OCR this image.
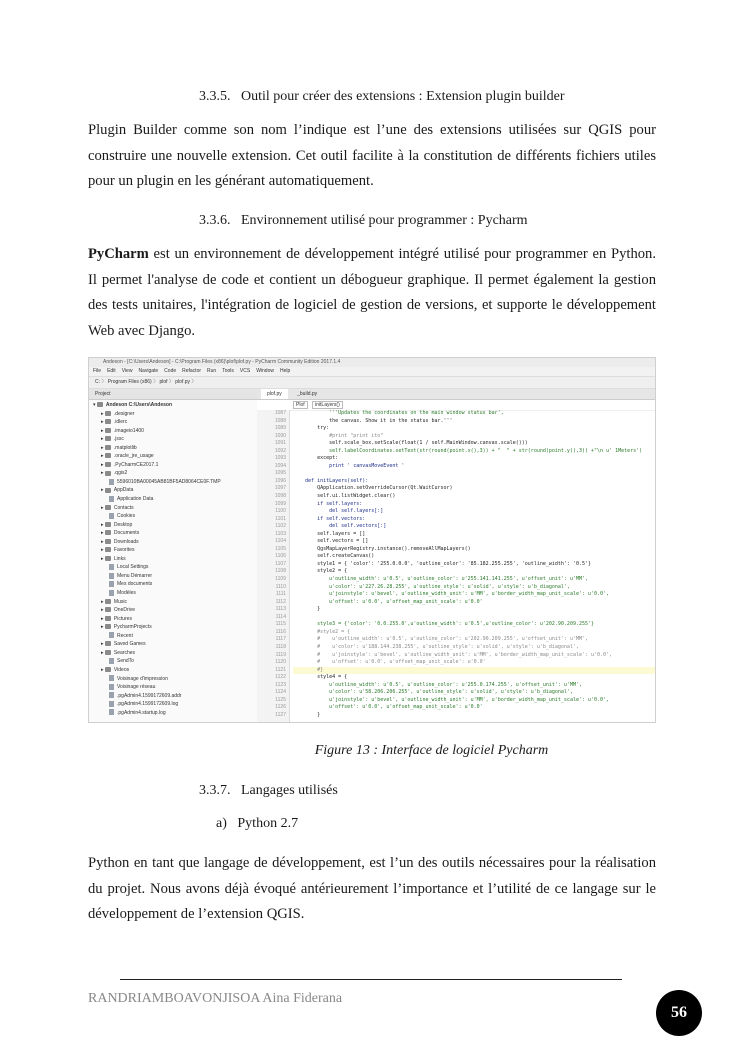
3.3.5. Outil pour créer des extensions : Extension plugin builder
Plugin Builder comme son nom l’indique est l’une des extensions utilisées sur QGIS pour construire une nouvelle extension. Cet outil facilite à la constitution de différents fichiers utiles pour un plugin en les générant automatiquement.
3.3.6. Environnement utilisé pour programmer : Pycharm
PyCharm est un environnement de développement intégré utilisé pour programmer en Python. Il permet l'analyse de code et contient un débogueur graphique. Il permet également la gestion des tests unitaires, l'intégration de logiciel de gestion de versions, et supporte le développement Web avec Django.
Andeson - [C:\Users\Andeson] - C:\Program Files (x86)\plof\plof.py - PyCharm Community Edition 2017.1.4
File Edit View Navigate Code Refactor Run Tools VCS Window Help
C: 〉 Program Files (x86) 〉 plof 〉 plof.py 〉
Project
▾ Andeson C:\Users\Andeson
▸ .designer
▸ .idlerc
▸ .imageio1400
▸ .jssc
▸ .matplotlib
▸ .oracle_jre_usage
▸ .PyCharmCE2017.1
▸ .qgis2
5596010BA00045AB81BF5AD8064CE0F.TMP
▸ AppData
Application Data
▸ Contacts
Cookies
▸ Desktop
▸ Documents
▸ Downloads
▸ Favorites
▸ Links
Local Settings
Menu Démarrer
Mes documents
Modèles
▸ Music
▸ OneDrive
▸ Pictures
▸ PycharmProjects
Recent
▸ Saved Games
▸ Searches
SendTo
▸ Videos
Voisinage d'impression
Voisinage réseau
.pgAdmin4.1599172609.addr
.pgAdmin4.1599172609.log
.pgAdmin4.startup.log
plof.py	_build.py
Plof initLayers()
1087
1088
1089
1090
1091
1092
1093
1094
1095
1096
1097
1098
1099
1100
1101
1102
1103
1104
1105
1106
1107
1108
1109
1110
1111
1112
1113
1114
1115
1116
1117
1118
1119
1120
1121
1122
1123
1124
1125
1126
1127
'''Updates the coordinates on the main window status bar',
the canvas. Show it in the status bar.'''
try:
#print "print ito"
self.scale_box.setScale(float(1 / self.MainWindow.canvas.scale()))
self.labelCoordinates.setText(str(round(point.x(),3)) + "  " + str(round(point.y(),3)) +"\n u' 1Meters')
except:
print ' canvasMoveEvent '
def initLayers(self):
QApplication.setOverrideCursor(Qt.WaitCursor)
self.ui.listWidget.clear()
if self.layers:
del self.layers[:]
if self.vectors:
del self.vectors[:]
self.layers = []
self.vectors = []
QgsMapLayerRegistry.instance().removeAllMapLayers()
self.createCanvas()
style1 = { 'color': '255.0.0.0', 'outline_color': '85.182.255.255', 'outline_width': '0.5'}
style2 = {
u'outline_width': u'0.5', u'outline_color': u'255.141.141.255', u'offset_unit': u'MM',
u'color': u'227.26.28.255', u'outline_style': u'solid', u'style': u'b_diagonal',
u'joinstyle': u'bevel', u'outline_width_unit': u'MM', u'border_width_map_unit_scale': u'0.0',
u'offset': u'0.0', u'offset_map_unit_scale': u'0.0'
}
style3 = {'color': '0.0.255.0',u'outline_width': u'0.5',u'outline_color': u'202.90.209.255'}
#style2 = {
#    u'outline_width': u'0.5', u'outline_color': u'202.90.209.255', u'offset_unit': u'MM',
#    u'color': u'188.144.238.255', u'outline_style': u'solid', u'style': u'b_diagonal',
#    u'joinstyle': u'bevel', u'outline_width_unit': u'MM', u'border_width_map_unit_scale': u'0.0',
#    u'offset': u'0.0', u'offset_map_unit_scale': u'0.0'
#}
style4 = {
u'outline_width': u'0.5', u'outline_color': u'255.0.174.255', u'offset_unit': u'MM',
u'color': u'58.206.206.255', u'outline_style': u'solid', u'style': u'b_diagonal',
u'joinstyle': u'bevel', u'outline_width_unit': u'MM', u'border_width_map_unit_scale': u'0.0',
u'offset': u'0.0', u'offset_map_unit_scale': u'0.0'
}
Figure 13 : Interface de logiciel Pycharm
3.3.7. Langages utilisés
a) Python 2.7
Python en tant que langage de développement, est l’un des outils nécessaires pour la réalisation du projet. Nous avons déjà évoqué antérieurement l’importance et l’utilité de ce langage sur le développement de l’extension QGIS.
RANDRIAMBOAVONJISOA Aina Fiderana
56
